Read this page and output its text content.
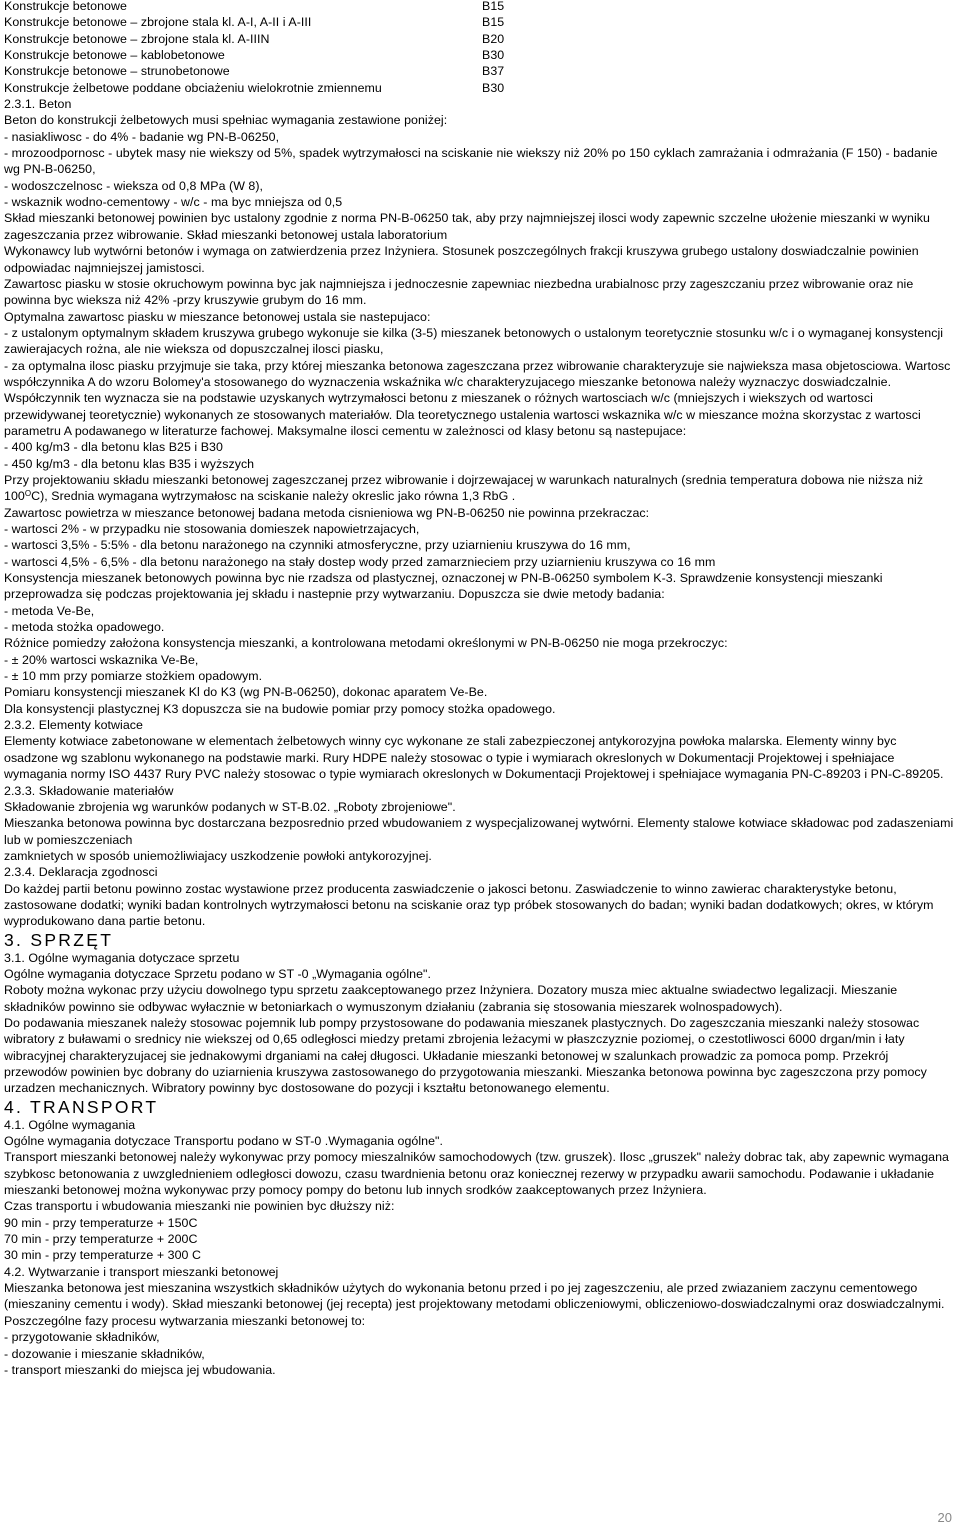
Konstrukcje betonowe	B15
Konstrukcje betonowe – zbrojone stala kl. A-I, A-II i A-III	B15
Konstrukcje betonowe – zbrojone stala kl. A-IIIN	B20
Konstrukcje betonowe – kablobetonowe	B30
Konstrukcje betonowe – strunobetonowe	B37
Konstrukcje żelbetowe poddane obciażeniu wielokrotnie zmiennemu	B30

2.3.1. Beton

Beton do konstrukcji żelbetowych musi spełniac wymagania zestawione poniżej:

- nasiakliwosc - do 4% - badanie wg PN-B-06250,

- mrozoodpornosc - ubytek masy nie wiekszy od 5%, spadek wytrzymałosci na sciskanie nie wiekszy niż 20% po 150 cyklach zamrażania i odmrażania (F 150) - badanie wg PN-B-06250,

- wodoszczelnosc - wieksza od 0,8 MPa (W 8),

- wskaznik wodno-cementowy - w/c - ma byc mniejsza od 0,5

Skład mieszanki betonowej powinien byc ustalony zgodnie z norma PN-B-06250 tak, aby przy najmniejszej ilosci wody zapewnic szczelne ułożenie mieszanki w wyniku zageszczania przez wibrowanie. Skład mieszanki betonowej ustala laboratorium

Wykonawcy lub wytwórni betonów i wymaga on zatwierdzenia przez Inżyniera. Stosunek poszczególnych frakcji kruszywa grubego ustalony doswiadczalnie powinien odpowiadac najmniejszej jamistosci.

Zawartosc piasku w stosie okruchowym powinna byc jak najmniejsza i jednoczesnie zapewniac niezbedna urabialnosc przy zageszczaniu przez wibrowanie oraz nie powinna byc wieksza niż 42% -przy kruszywie grubym do 16 mm.

Optymalna zawartosc piasku w mieszance betonowej ustala sie nastepujaco:

- z ustalonym optymalnym składem kruszywa grubego wykonuje sie kilka (3-5) mieszanek betonowych o ustalonym teoretycznie stosunku w/c i o wymaganej konsystencji zawierajacych rożna, ale nie wieksza od dopuszczalnej ilosci piasku,

- za optymalna ilosc piasku przyjmuje sie taka, przy której mieszanka betonowa zageszczana przez wibrowanie charakteryzuje sie najwieksza masa objetosciowa. Wartosc współczynnika A do wzoru Bolomey'a stosowanego do wyznaczenia wskaźnika w/c charakteryzujacego mieszanke betonowa należy wyznaczyc doswiadczalnie.

Współczynnik ten wyznacza sie na podstawie uzyskanych wytrzymałosci betonu z mieszanek o różnych wartosciach w/c (mniejszych i wiekszych od wartosci przewidywanej teoretycznie) wykonanych ze stosowanych materiałów. Dla teoretycznego ustalenia wartosci wskaznika w/c w mieszance można skorzystac z wartosci parametru A podawanego w literaturze fachowej. Maksymalne ilosci cementu w zależnosci od klasy betonu są nastepujace:

- 400 kg/m3 - dla betonu klas B25 i B30

- 450 kg/m3 - dla betonu klas B35 i wyższych

Przy projektowaniu składu mieszanki betonowej zageszczanej przez wibrowanie i dojrzewajacej w warunkach naturalnych (srednia temperatura dobowa nie niższa niż $100^OC$), Srednia wymagana wytrzymałosc na sciskanie należy okreslic jako równa 1,3 RbG .

Zawartosc powietrza w mieszance betonowej badana metoda cisnieniowa wg PN-B-06250 nie powinna przekraczac:

- wartosci 2% - w przypadku nie stosowania domieszek napowietrzajacych,

- wartosci 3,5% - 5:5% - dla betonu narażonego na czynniki atmosferyczne, przy uziarnieniu kruszywa do 16 mm,

- wartosci 4,5% - 6,5% - dla betonu narażonego na stały dostep wody przed zamarznieciem przy uziarnieniu kruszywa co 16 mm

Konsystencja mieszanek betonowych powinna byc nie rzadsza od plastycznej, oznaczonej w PN-B-06250 symbolem K-3. Sprawdzenie konsystencji mieszanki przeprowadza się podczas projektowania jej składu i nastepnie przy wytwarzaniu. Dopuszcza sie dwie metody badania:

- metoda Ve-Be,

- metoda stożka opadowego.

Różnice pomiedzy założona konsystencja mieszanki, a kontrolowana metodami określonymi w PN-B-06250 nie moga przekroczyc:

- ± 20% wartosci wskaznika Ve-Be,

- ± 10 mm przy pomiarze stożkiem opadowym.

Pomiaru konsystencji mieszanek Kl do K3 (wg PN-B-06250), dokonac aparatem Ve-Be.

Dla konsystencji plastycznej K3 dopuszcza sie na budowie pomiar przy pomocy stożka opadowego.

2.3.2. Elementy kotwiace

Elementy kotwiace zabetonowane w elementach żelbetowych winny cyc wykonane ze stali zabezpieczonej antykorozyjna powłoka malarska. Elementy winny byc osadzone wg szablonu wykonanego na podstawie marki. Rury HDPE należy stosowac o typie i wymiarach okreslonych w Dokumentacji Projektowej i spełniajace wymagania normy ISO 4437 Rury PVC należy stosowac o typie wymiarach okreslonych w Dokumentacji Projektowej i spełniajace wymagania PN-C-89203 i PN-C-89205.

2.3.3. Składowanie materiałów

Składowanie zbrojenia wg warunków podanych w ST-B.02. „Roboty zbrojeniowe".

Mieszanka betonowa powinna byc dostarczana bezposrednio przed wbudowaniem z wyspecjalizowanej wytwórni. Elementy stalowe kotwiace składowac pod zadaszeniami lub w pomieszczeniach

zamknietych w sposób uniemożliwiajacy uszkodzenie powłoki antykorozyjnej.

2.3.4. Deklaracja zgodnosci

Do każdej partii betonu powinno zostac wystawione przez producenta zaswiadczenie o jakosci betonu. Zaswiadczenie to winno zawierac charakterystyke betonu, zastosowane dodatki; wyniki badan kontrolnych wytrzymałosci betonu na sciskanie oraz typ próbek stosowanych do badan; wyniki badan dodatkowych; okres, w którym wyprodukowano dana partie betonu.

3. SPRZĘT

3.1. Ogólne wymagania dotyczace sprzetu

Ogólne wymagania dotyczace Sprzetu podano w ST -0 „Wymagania ogólne".

Roboty można wykonac przy użyciu dowolnego typu sprzetu zaakceptowanego przez Inżyniera. Dozatory musza miec aktualne swiadectwo legalizacji. Mieszanie składników powinno sie odbywac wyłacznie w betoniarkach o wymuszonym działaniu (zabrania się stosowania mieszarek wolnospadowych).

Do podawania mieszanek należy stosowac pojemnik lub pompy przystosowane do podawania mieszanek plastycznych. Do zageszczania mieszanki należy stosowac wibratory z buławami o srednicy nie wiekszej od 0,65 odległosci miedzy pretami zbrojenia leżacymi w płaszczyznie poziomej, o czestotliwosci 6000 drgan/min i łaty wibracyjnej charakteryzujacej sie jednakowymi drganiami na całej długosci. Układanie mieszanki betonowej w szalunkach prowadzic za pomoca pomp. Przekrój przewodów powinien byc dobrany do uziarnienia kruszywa zastosowanego do przygotowania mieszanki. Mieszanka betonowa powinna byc zageszczona przy pomocy

urzadzen mechanicznych. Wibratory powinny byc dostosowane do pozycji i kształtu betonowanego elementu.

4. TRANSPORT

4.1. Ogólne wymagania

Ogólne wymagania dotyczace Transportu podano w ST-0 .Wymagania ogólne".

Transport mieszanki betonowej należy wykonywac przy pomocy mieszalników samochodowych (tzw. gruszek). Ilosc „gruszek" należy dobrac tak, aby zapewnic wymagana szybkosc betonowania z uwzglednieniem odległosci dowozu, czasu twardnienia betonu oraz koniecznej rezerwy w przypadku awarii samochodu. Podawanie i układanie mieszanki betonowej można wykonywac przy pomocy pompy do betonu lub innych srodków zaakceptowanych przez Inżyniera.

Czas transportu i wbudowania mieszanki nie powinien byc dłuższy niż:

90 min - przy temperaturze + 150C

70 min - przy temperaturze + 200C

30 min - przy temperaturze + 300 C

4.2. Wytwarzanie i transport mieszanki betonowej

Mieszanka betonowa jest mieszanina wszystkich składników użytych do wykonania betonu przed i po jej zageszczeniu, ale przed zwiazaniem zaczynu cementowego (mieszaniny cementu i wody). Skład mieszanki betonowej (jej recepta) jest projektowany metodami obliczeniowymi, obliczeniowo-doswiadczalnymi oraz doswiadczalnymi. Poszczególne fazy procesu wytwarzania mieszanki betonowej to:

- przygotowanie składników,

- dozowanie i mieszanie składników,

- transport mieszanki do miejsca jej wbudowania.

20
